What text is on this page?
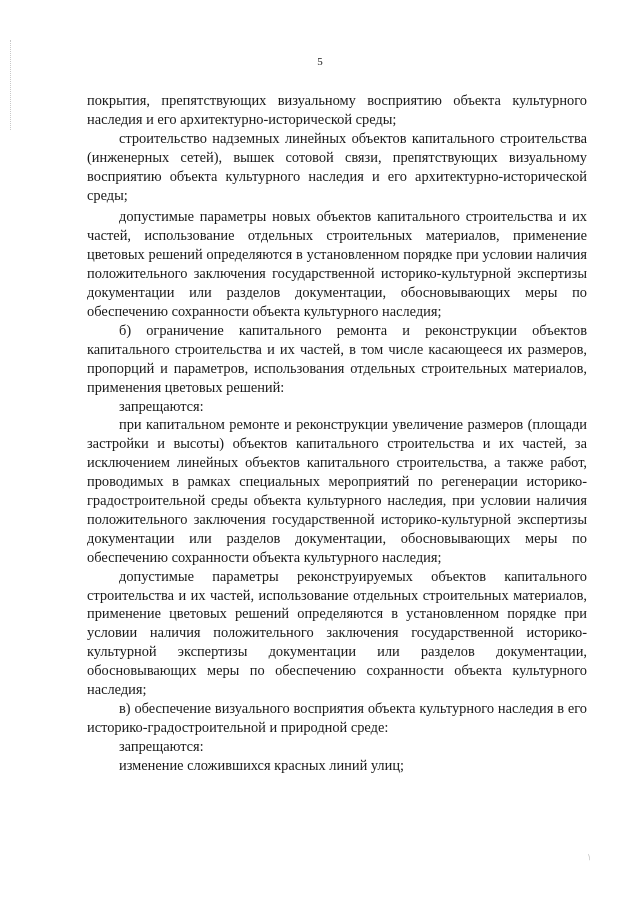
5

покрытия, препятствующих визуальному восприятию объекта культурного наследия и его архитектурно-исторической среды;

строительство надземных линейных объектов капитального строительства (инженерных сетей), вышек сотовой связи, препятствующих визуальному восприятию объекта культурного наследия и его архитектурно-исторической среды;

допустимые параметры новых объектов капитального строительства и их частей, использование отдельных строительных материалов, применение цветовых решений определяются в установленном порядке при условии наличия положительного заключения государственной историко-культурной экспертизы документации или разделов документации, обосновывающих меры по обеспечению сохранности объекта культурного наследия;

б) ограничение капитального ремонта и реконструкции объектов капитального строительства и их частей, в том числе касающееся их размеров, пропорций и параметров, использования отдельных строительных материалов, применения цветовых решений:

запрещаются:

при капитальном ремонте и реконструкции увеличение размеров (площади застройки и высоты) объектов капитального строительства и их частей, за исключением линейных объектов капитального строительства, а также работ, проводимых в рамках специальных мероприятий по регенерации историко-градостроительной среды объекта культурного наследия, при условии наличия положительного заключения государственной историко-культурной экспертизы документации или разделов документации, обосновывающих меры по обеспечению сохранности объекта культурного наследия;

допустимые параметры реконструируемых объектов капитального строительства и их частей, использование отдельных строительных материалов, применение цветовых решений определяются в установленном порядке при условии наличия положительного заключения государственной историко-культурной экспертизы документации или разделов документации, обосновывающих меры по обеспечению сохранности объекта культурного наследия;

в) обеспечение визуального восприятия объекта культурного наследия в его историко-градостроительной и природной среде:

запрещаются:

изменение сложившихся красных линий улиц;

/
